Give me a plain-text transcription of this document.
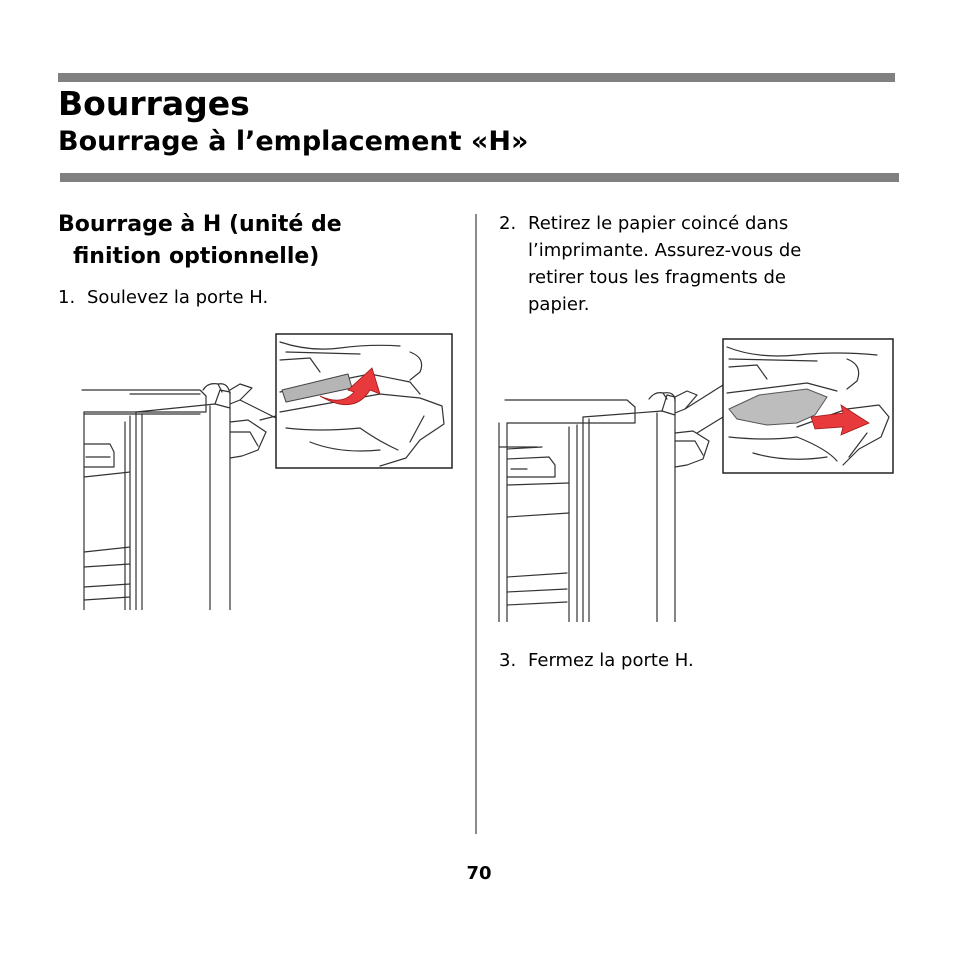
Bourrages
Bourrage à l’emplacement «H»
Bourrage à H (unité de
finition optionnelle)
1. Soulevez la porte H.
2. Retirez le papier coincé dans
l’imprimante. Assurez-vous de
retirer tous les fragments de
papier.
3. Fermez la porte H.
70
